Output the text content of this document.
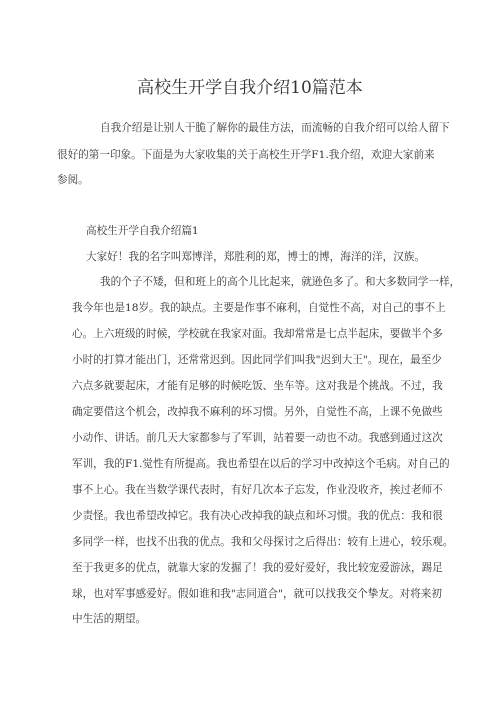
高校生开学自我介绍10篇范本

自我介绍是让别人干脆了解你的最佳方法，而流畅的自我介绍可以给人留下

很好的第一印象。下面是为大家收集的关于高校生开学F1.我介绍，欢迎大家前来

参阅。

高校生开学自我介绍篇1

大家好！我的名字叫郑博洋，郑胜利的郑，博士的博，海洋的洋，汉族。

我的个子不矮，但和班上的高个儿比起来，就逊色多了。和大多数同学一样，

我今年也是18岁。我的缺点。主要是作事不麻利，自觉性不高，对自己的事不上

心。上六班级的时候，学校就在我家对面。我却常常是七点半起床，要做半个多

小时的打算才能出门，还常常迟到。因此同学们叫我"迟到大王"。现在，最至少

六点多就要起床，才能有足够的时候吃饭、坐车等。这对我是个挑战。不过，我

确定要借这个机会，改掉我不麻利的坏习惯。另外，自觉性不高，上课不免做些

小动作、讲话。前几天大家都参与了军训，站着要一动也不动。我感到通过这次

军训，我的F1.觉性有所提高。我也希望在以后的学习中改掉这个毛病。对自己的

事不上心。我在当数学课代表时，有好几次本子忘发，作业没收齐，挨过老师不

少责怪。我也希望改掉它。我有决心改掉我的缺点和坏习惯。我的优点：我和很

多同学一样，也找不出我的优点。我和父母探讨之后得出：较有上进心，较乐观。

至于我更多的优点，就靠大家的发掘了！我的爱好爱好，我比较宠爱游泳，踢足

球，也对军事感爱好。假如谁和我"志同道合"，就可以找我交个挚友。对将来初

中生活的期望。
